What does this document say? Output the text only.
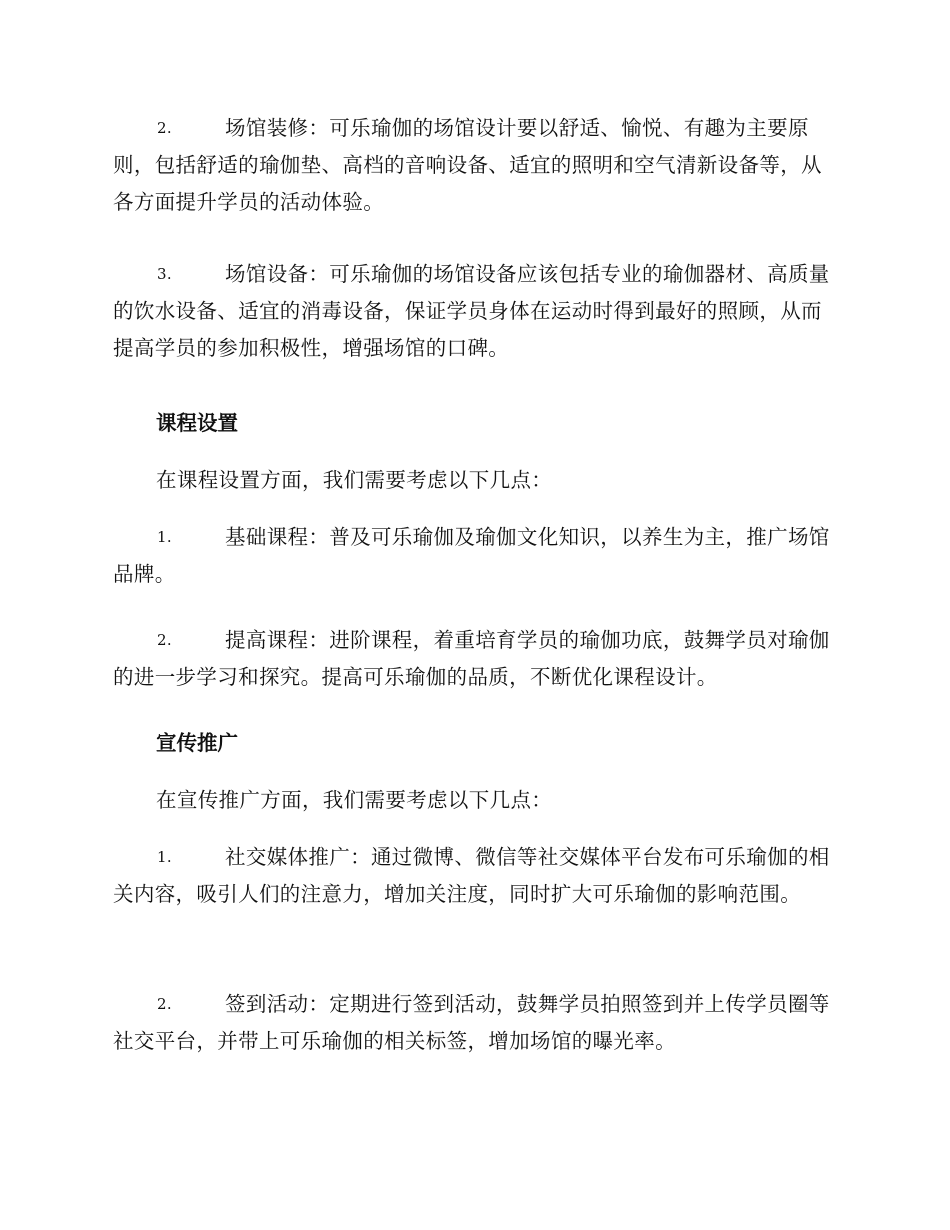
2.	场馆装修：可乐瑜伽的场馆设计要以舒适、愉悦、有趣为主要原则，包括舒适的瑜伽垫、高档的音响设备、适宜的照明和空气清新设备等，从各方面提升学员的活动体验。
3.	场馆设备：可乐瑜伽的场馆设备应该包括专业的瑜伽器材、高质量的饮水设备、适宜的消毒设备，保证学员身体在运动时得到最好的照顾，从而提高学员的参加积极性，增强场馆的口碑。
课程设置
在课程设置方面，我们需要考虑以下几点：
1.	基础课程：普及可乐瑜伽及瑜伽文化知识，以养生为主，推广场馆品牌。
2.	提高课程：进阶课程，着重培育学员的瑜伽功底，鼓舞学员对瑜伽的进一步学习和探究。提高可乐瑜伽的品质，不断优化课程设计。
宣传推广
在宣传推广方面，我们需要考虑以下几点：
1.	社交媒体推广：通过微博、微信等社交媒体平台发布可乐瑜伽的相关内容，吸引人们的注意力，增加关注度，同时扩大可乐瑜伽的影响范围。
2.	签到活动：定期进行签到活动，鼓舞学员拍照签到并上传学员圈等社交平台，并带上可乐瑜伽的相关标签，增加场馆的曝光率。
